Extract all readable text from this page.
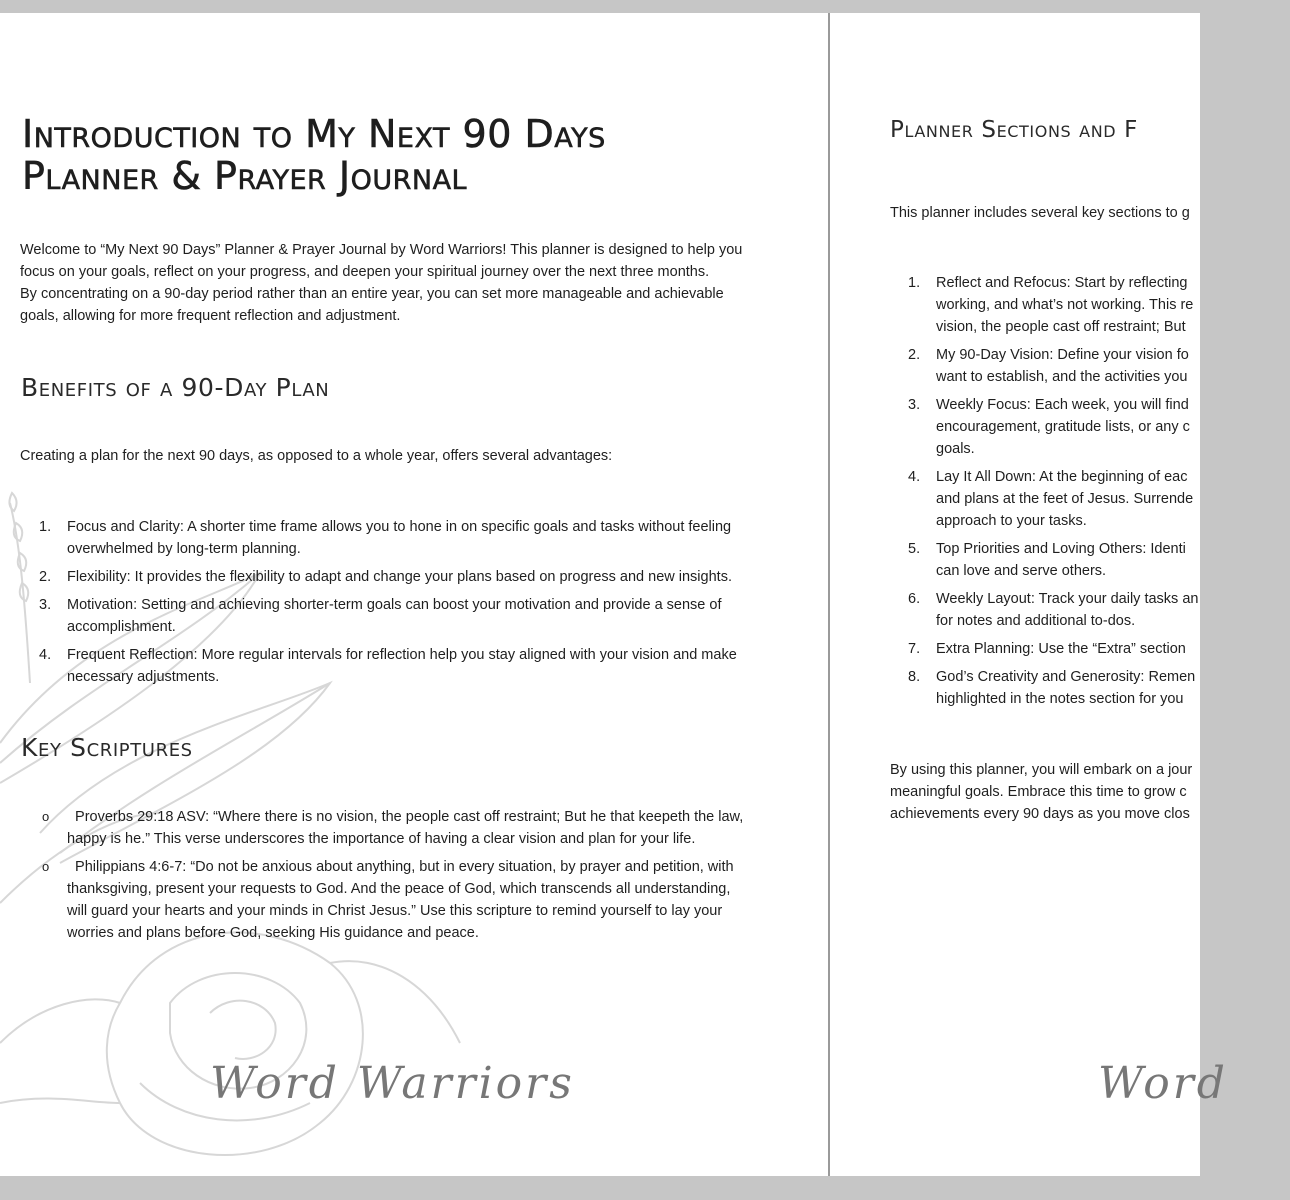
Introduction to My Next 90 Days
Planner & Prayer Journal
Welcome to “My Next 90 Days” Planner & Prayer Journal by Word Warriors! This planner is designed to help you
focus on your goals, reflect on your progress, and deepen your spiritual journey over the next three months.
By concentrating on a 90-day period rather than an entire year, you can set more manageable and achievable
goals, allowing for more frequent reflection and adjustment.
Benefits of a 90-Day Plan

Creating a plan for the next 90 days, as opposed to a whole year, offers several advantages:

1. Focus and Clarity: A shorter time frame allows you to hone in on specific goals and tasks without feeling
overwhelmed by long-term planning.
2. Flexibility: It provides the flexibility to adapt and change your plans based on progress and new insights.
3. Motivation: Setting and achieving shorter-term goals can boost your motivation and provide a sense of
accomplishment.
4. Frequent Reflection: More regular intervals for reflection help you stay aligned with your vision and make
necessary adjustments.
Key Scriptures
o Proverbs 29:18 ASV: “Where there is no vision, the people cast off restraint; But he that keepeth the law,
happy is he.” This verse underscores the importance of having a clear vision and plan for your life.
o Philippians 4:6-7: “Do not be anxious about anything, but in every situation, by prayer and petition, with
thanksgiving, present your requests to God. And the peace of God, which transcends all understanding,
will guard your hearts and your minds in Christ Jesus.” Use this scripture to remind yourself to lay your
worries and plans before God, seeking His guidance and peace.
Word Warriors
Planner Sections and F

This planner includes several key sections to g

1. Reflect and Refocus: Start by reflecting
working, and what’s not working. This re
vision, the people cast off restraint; But
2. My 90-Day Vision: Define your vision fo
want to establish, and the activities you
3. Weekly Focus: Each week, you will find
encouragement, gratitude lists, or any c
goals.
4. Lay It All Down: At the beginning of eac
and plans at the feet of Jesus. Surrende
approach to your tasks.
5. Top Priorities and Loving Others: Identi
can love and serve others.
6. Weekly Layout: Track your daily tasks an
for notes and additional to-dos.
7. Extra Planning: Use the “Extra” section
8. God’s Creativity and Generosity: Remen
highlighted in the notes section for you
By using this planner, you will embark on a jour
meaningful goals. Embrace this time to grow c
achievements every 90 days as you move clos
Word
